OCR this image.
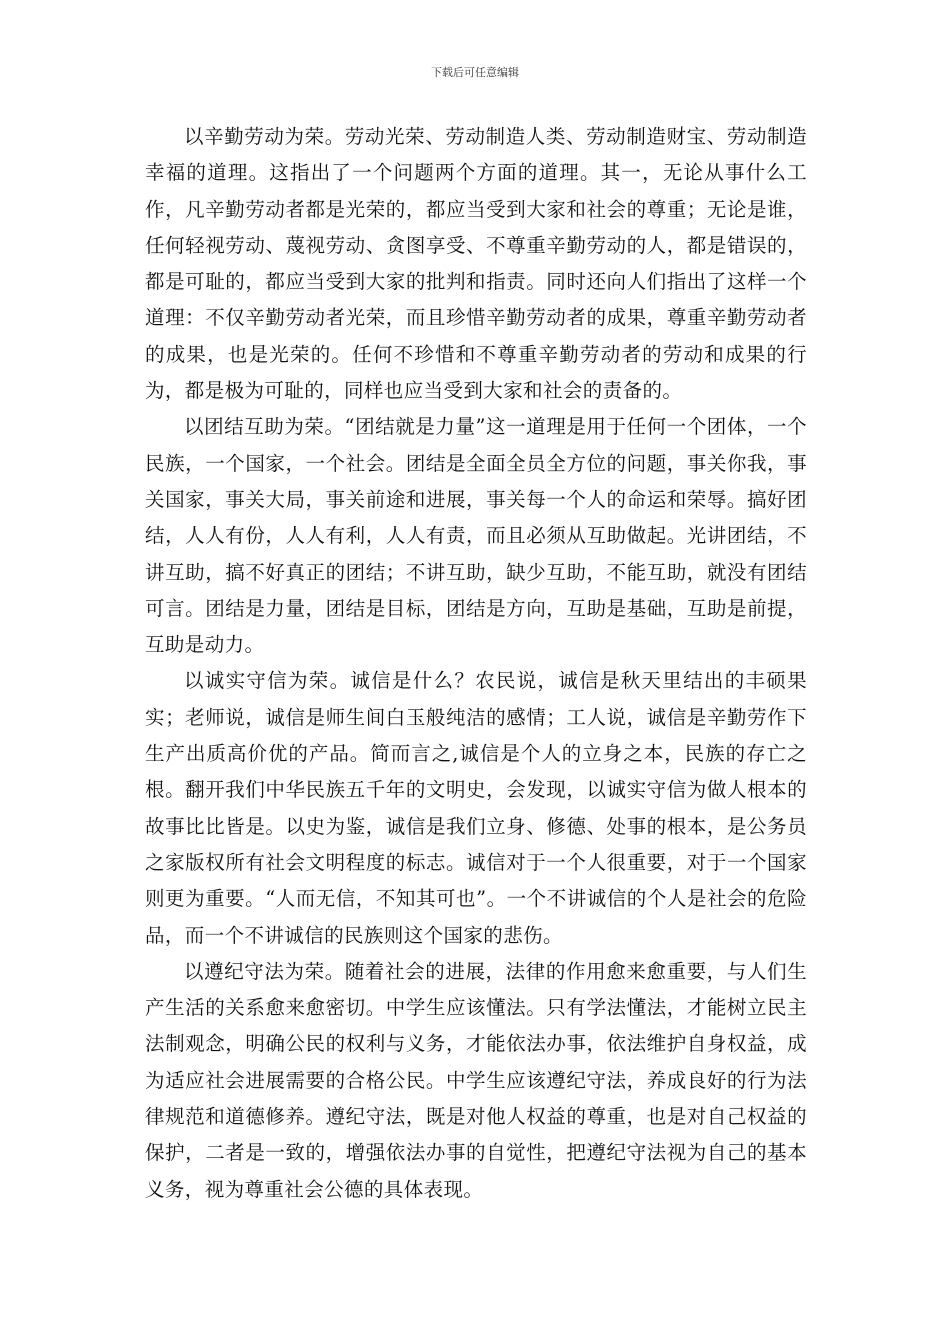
下载后可任意编辑

以辛勤劳动为荣。劳动光荣、劳动制造人类、劳动制造财宝、劳动制造幸福的道理。这指出了一个问题两个方面的道理。其一，无论从事什么工作，凡辛勤劳动者都是光荣的，都应当受到大家和社会的尊重；无论是谁，任何轻视劳动、蔑视劳动、贪图享受、不尊重辛勤劳动的人，都是错误的，都是可耻的，都应当受到大家的批判和指责。同时还向人们指出了这样一个道理：不仅辛勤劳动者光荣，而且珍惜辛勤劳动者的成果，尊重辛勤劳动者的成果，也是光荣的。任何不珍惜和不尊重辛勤劳动者的劳动和成果的行为，都是极为可耻的，同样也应当受到大家和社会的责备的。

以团结互助为荣。“团结就是力量”这一道理是用于任何一个团体，一个民族，一个国家，一个社会。团结是全面全员全方位的问题，事关你我，事关国家，事关大局，事关前途和进展，事关每一个人的命运和荣辱。搞好团结，人人有份，人人有利，人人有责，而且必须从互助做起。光讲团结，不讲互助，搞不好真正的团结；不讲互助，缺少互助，不能互助，就没有团结可言。团结是力量，团结是目标，团结是方向，互助是基础，互助是前提，互助是动力。

以诚实守信为荣。诚信是什么？农民说，诚信是秋天里结出的丰硕果实；老师说，诚信是师生间白玉般纯洁的感情；工人说，诚信是辛勤劳作下生产出质高价优的产品。简而言之,诚信是个人的立身之本，民族的存亡之根。翻开我们中华民族五千年的文明史，会发现，以诚实守信为做人根本的故事比比皆是。以史为鉴，诚信是我们立身、修德、处事的根本，是公务员之家版权所有社会文明程度的标志。诚信对于一个人很重要，对于一个国家则更为重要。“人而无信，不知其可也”。一个不讲诚信的个人是社会的危险品，而一个不讲诚信的民族则这个国家的悲伤。

以遵纪守法为荣。随着社会的进展，法律的作用愈来愈重要，与人们生产生活的关系愈来愈密切。中学生应该懂法。只有学法懂法，才能树立民主法制观念，明确公民的权利与义务，才能依法办事，依法维护自身权益，成为适应社会进展需要的合格公民。中学生应该遵纪守法，养成良好的行为法律规范和道德修养。遵纪守法，既是对他人权益的尊重，也是对自己权益的保护，二者是一致的，增强依法办事的自觉性，把遵纪守法视为自己的基本义务，视为尊重社会公德的具体表现。
